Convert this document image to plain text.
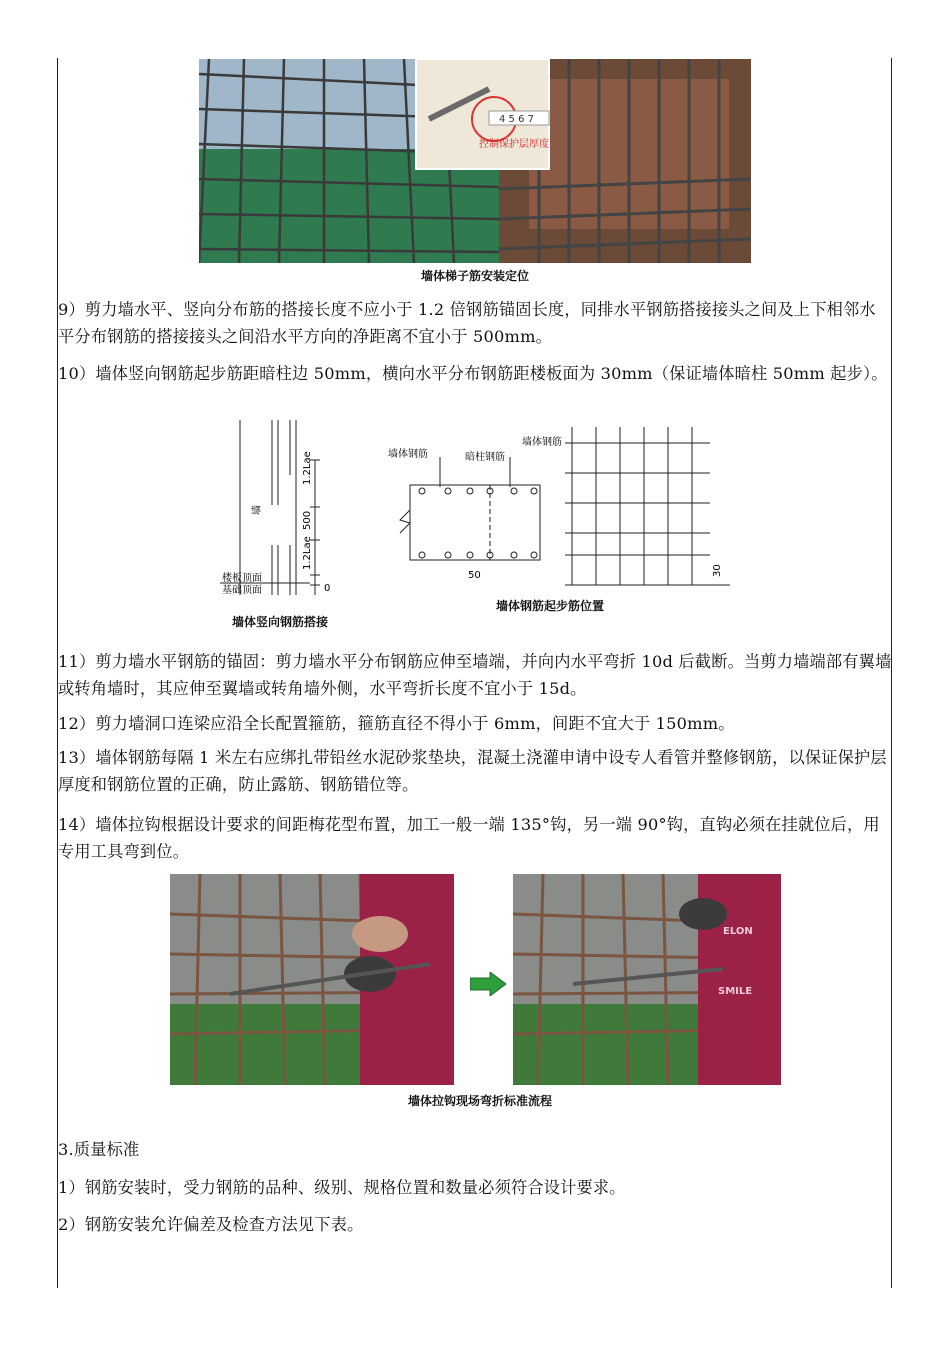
4 5 6 7
控制保护层厚度
墙体梯子筋安装定位
9）剪力墙水平、竖向分布筋的搭接长度不应小于 1.2 倍钢筋锚固长度，同排水平钢筋搭接接头之间及上下相邻水平分布钢筋的搭接接头之间沿水平方向的净距离不宜小于 500mm。
10）墙体竖向钢筋起步筋距暗柱边 50mm，横向水平分布钢筋距楼板面为 30mm（保证墙体暗柱 50mm 起步）。
墙
1.2Lae
500
1.2Lae
0
楼板顶面
基础顶面
墙体钢筋	暗柱钢筋
墙体钢筋
50	30
墙体竖向钢筋搭接
墙体钢筋起步筋位置
11）剪力墙水平钢筋的锚固：剪力墙水平分布钢筋应伸至墙端，并向内水平弯折 10d 后截断。当剪力墙端部有翼墙或转角墙时，其应伸至翼墙或转角墙外侧，水平弯折长度不宜小于 15d。
12）剪力墙洞口连梁应沿全长配置箍筋，箍筋直径不得小于 6mm，间距不宜大于 150mm。
13）墙体钢筋每隔 1 米左右应绑扎带铅丝水泥砂浆垫块，混凝土浇灌申请中设专人看管并整修钢筋，以保证保护层厚度和钢筋位置的正确，防止露筋、钢筋错位等。
14）墙体拉钩根据设计要求的间距梅花型布置，加工一般一端 135°钩，另一端 90°钩，直钩必须在挂就位后，用专用工具弯到位。
ELON
SMILE
墙体拉钩现场弯折标准流程
3.质量标准
1）钢筋安装时，受力钢筋的品种、级别、规格位置和数量必须符合设计要求。
2）钢筋安装允许偏差及检查方法见下表。
